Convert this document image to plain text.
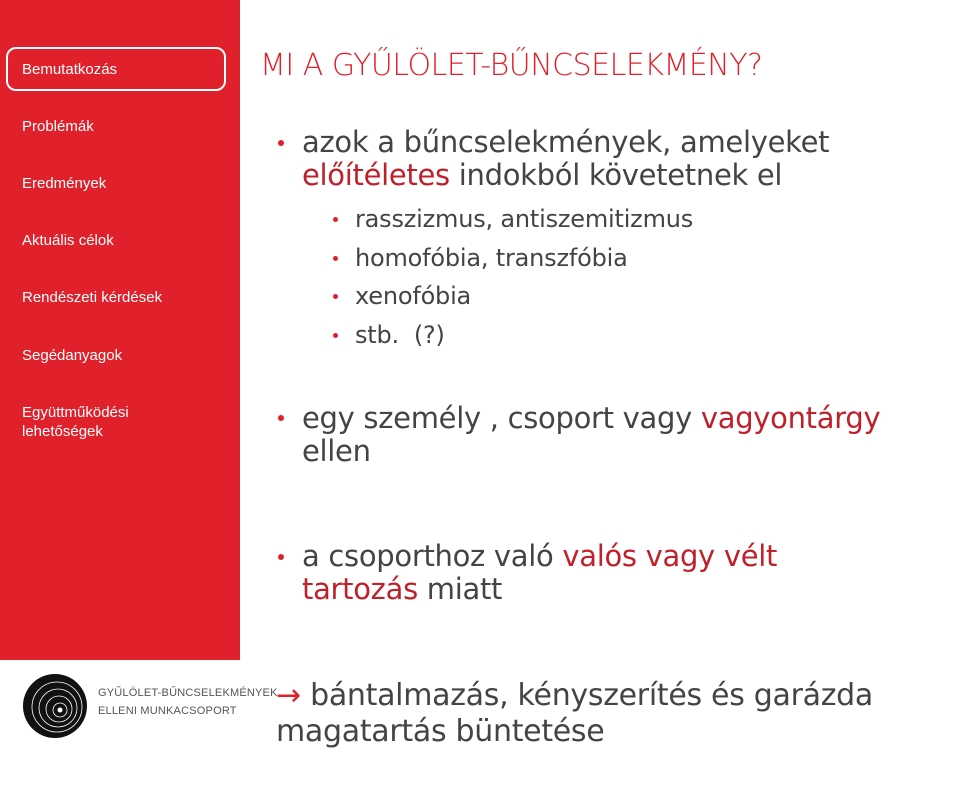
Bemutatkozás
Problémák
Eredmények
Aktuális célok
Rendészeti kérdések
Segédanyagok
Együttműködési
lehetőségek
GYŰLÖLET-BŰNCSELEKMÉNYEK
ELLENI MUNKACSOPORT
MI A GYŰLÖLET-BŰNCSELEKMÉNY?
azok a bűncselekmények, amelyeket
előítéletes indokból követetnek el
rasszizmus, antiszemitizmus
homofóbia, transzfóbia
xenofóbia
stb.  (?)
egy személy , csoport vagy vagyontárgy
ellen
a csoporthoz való valós vagy vélt
tartozás miatt
→ bántalmazás, kényszerítés és garázda
magatartás büntetése
